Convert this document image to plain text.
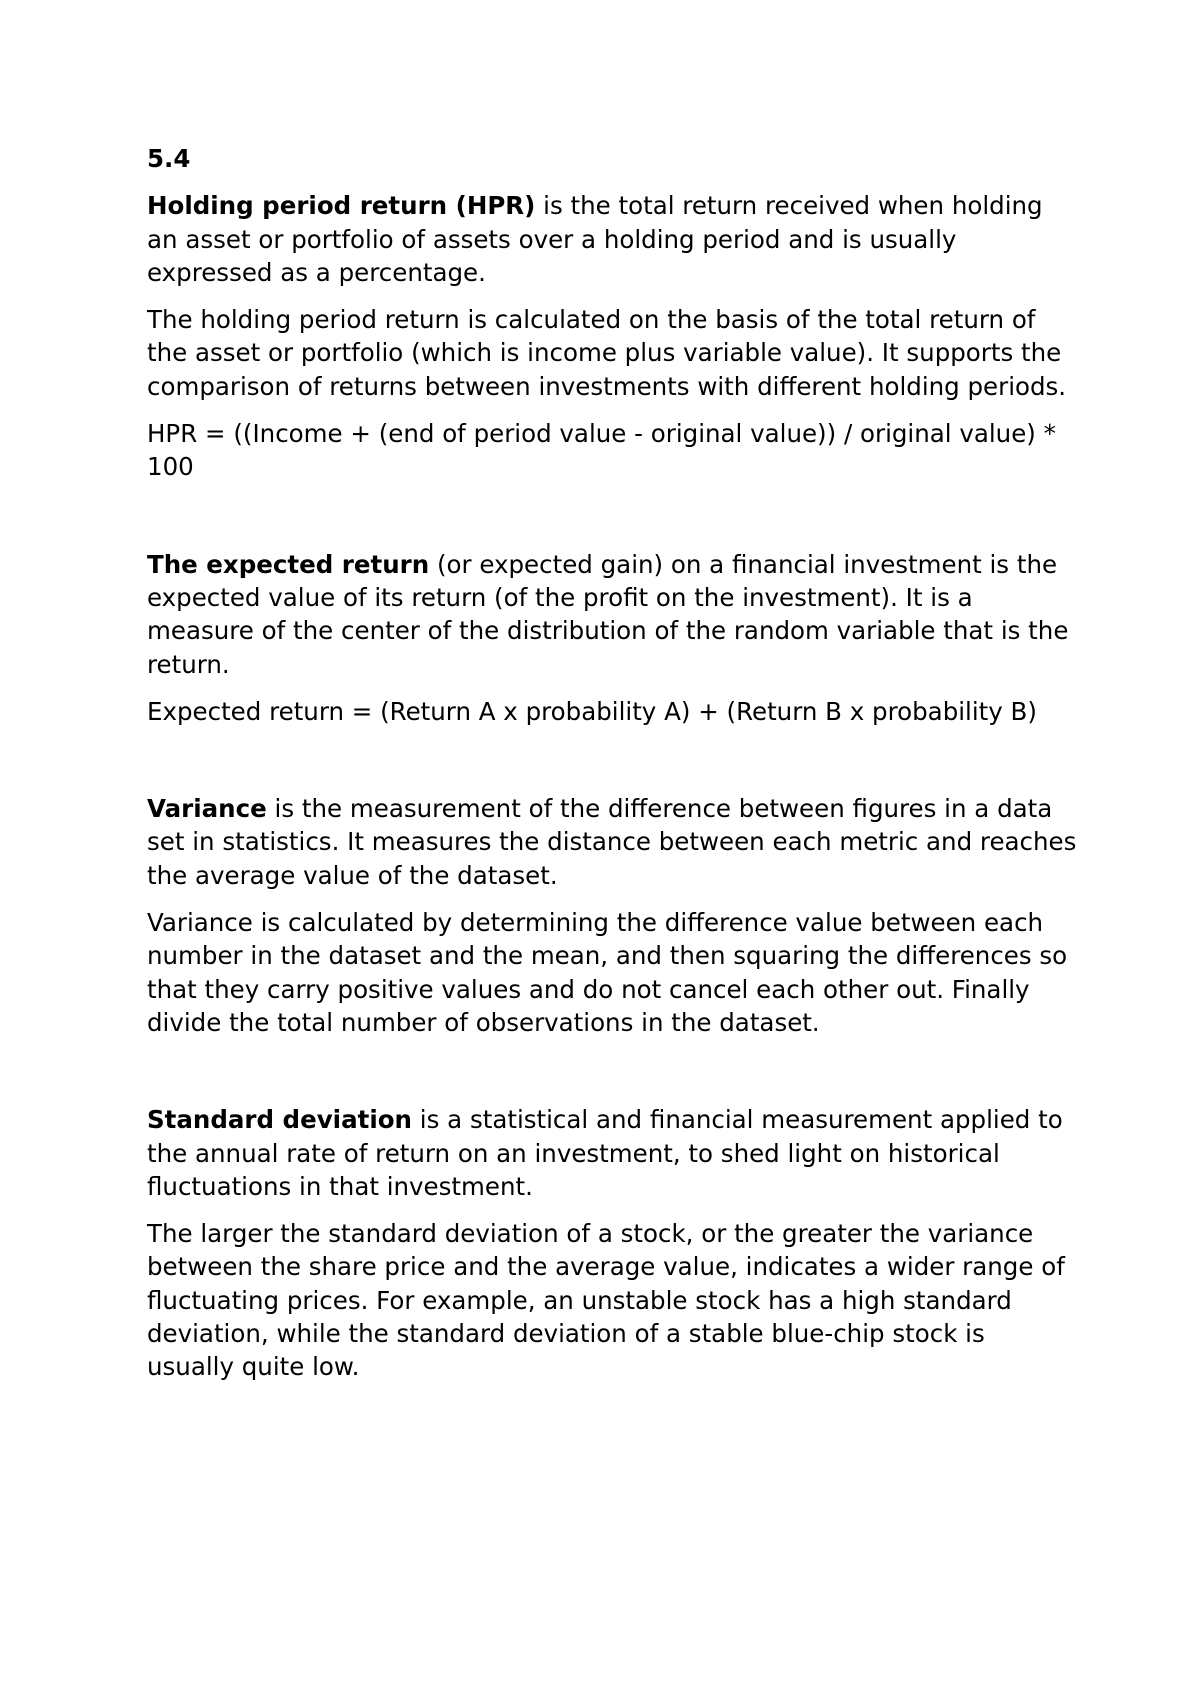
5.4

Holding period return (HPR) is the total return received when holding an asset or portfolio of assets over a holding period and is usually expressed as a percentage.

The holding period return is calculated on the basis of the total return of the asset or portfolio (which is income plus variable value). It supports the comparison of returns between investments with different holding periods.

HPR = ((Income + (end of period value - original value)) / original value) * 100

The expected return (or expected gain) on a financial investment is the expected value of its return (of the profit on the investment). It is a measure of the center of the distribution of the random variable that is the return.

Expected return = (Return A x probability A) + (Return B x probability B)

Variance is the measurement of the difference between figures in a data set in statistics. It measures the distance between each metric and reaches the average value of the dataset.

Variance is calculated by determining the difference value between each number in the dataset and the mean, and then squaring the differences so that they carry positive values and do not cancel each other out. Finally divide the total number of observations in the dataset.

Standard deviation is a statistical and financial measurement applied to the annual rate of return on an investment, to shed light on historical fluctuations in that investment.

The larger the standard deviation of a stock, or the greater the variance between the share price and the average value, indicates a wider range of fluctuating prices. For example, an unstable stock has a high standard deviation, while the standard deviation of a stable blue-chip stock is usually quite low.
